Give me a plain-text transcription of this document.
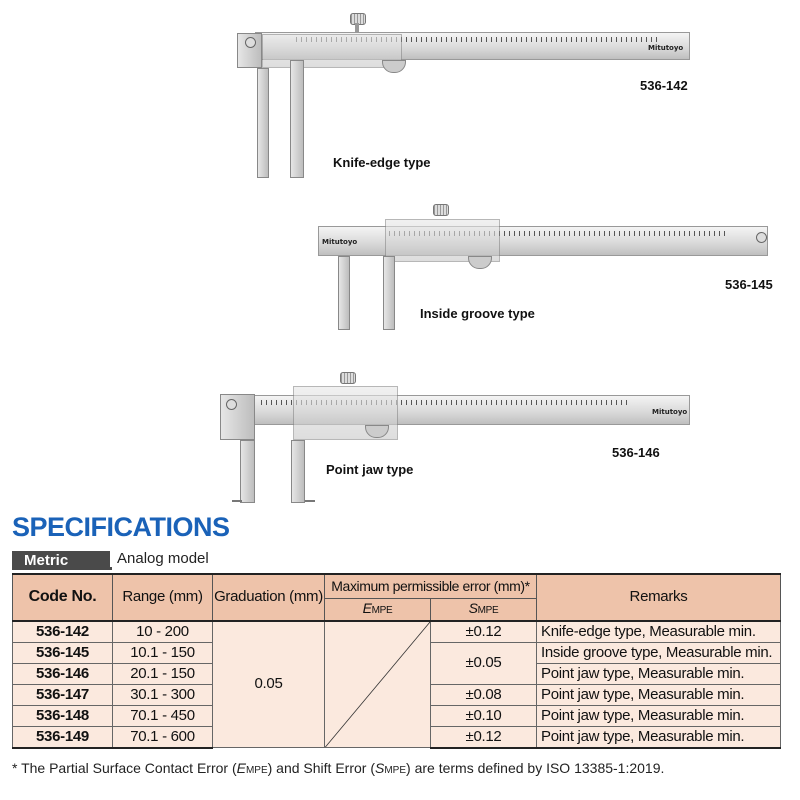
Mitutoyo
536-142
Knife-edge type
Mitutoyo
536-145
Inside groove type
Mitutoyo
536-146
Point jaw type
SPECIFICATIONS
Metric	Analog model
Code No.	Range (mm)	Graduation (mm)	Maximum permissible error (mm)*		Remarks
			EMPE	SMPE	
536-142	10 - 200	0.05		±0.12	Knife-edge type, Measurable min.
536-145	10.1 - 150			±0.05	Inside groove type, Measurable min.
536-146	20.1 - 150				Point jaw type, Measurable min.
536-147	30.1 - 300			±0.08	Point jaw type, Measurable min.
536-148	70.1 - 450			±0.10	Point jaw type, Measurable min.
536-149	70.1 - 600			±0.12	Point jaw type, Measurable min.
* The Partial Surface Contact Error (EMPE) and Shift Error (SMPE) are terms defined by ISO 13385-1:2019.
